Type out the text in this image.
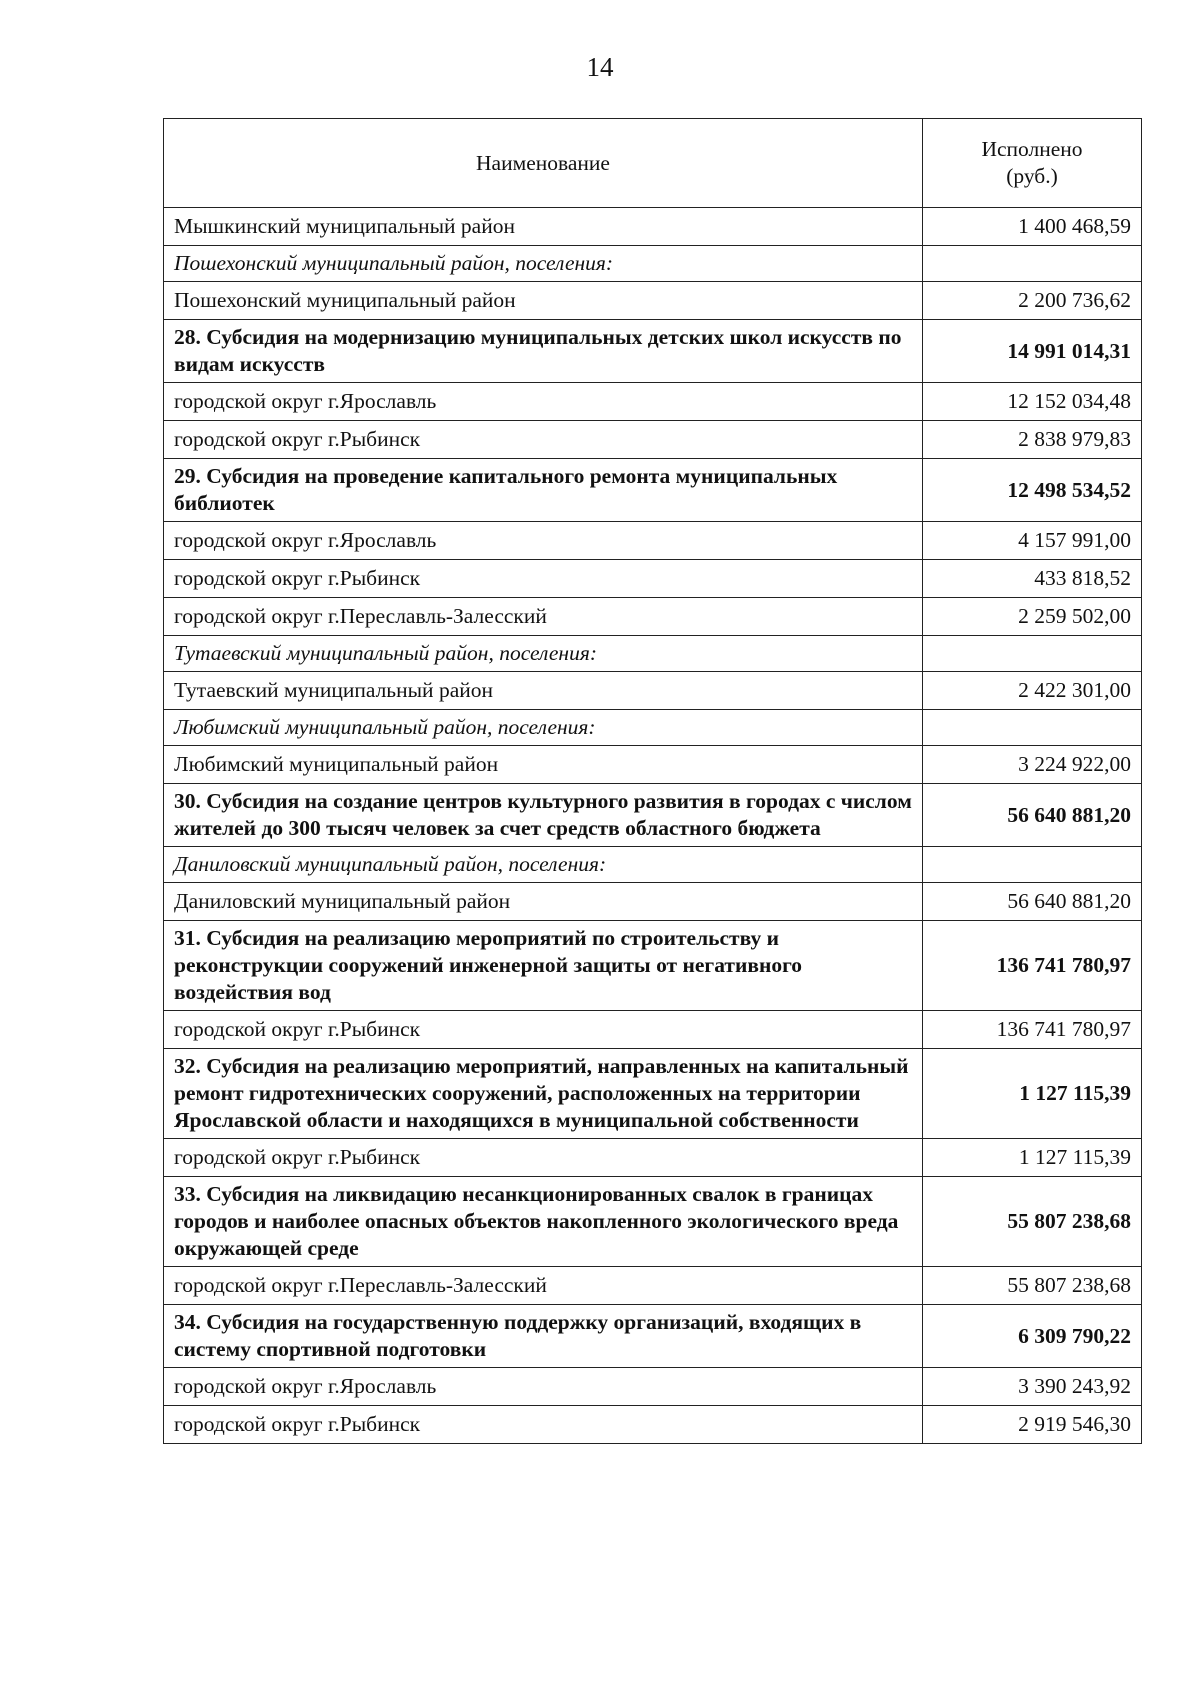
14
Наименование	Исполнено
(руб.)
Мышкинский муниципальный район	1 400 468,59
Пошехонский муниципальный район, поселения:	
Пошехонский муниципальный район	2 200 736,62
28. Субсидия на модернизацию муниципальных детских школ искусств по видам искусств	14 991 014,31
городской округ г.Ярославль	12 152 034,48
городской округ г.Рыбинск	2 838 979,83
29. Субсидия на проведение капитального ремонта муниципальных библиотек	12 498 534,52
городской округ г.Ярославль	4 157 991,00
городской округ г.Рыбинск	433 818,52
городской округ г.Переславль-Залесский	2 259 502,00
Тутаевский муниципальный район, поселения:	
Тутаевский муниципальный район	2 422 301,00
Любимский муниципальный район, поселения:	
Любимский муниципальный район	3 224 922,00
30. Субсидия на создание центров культурного развития в городах с числом жителей до 300 тысяч человек за счет средств областного бюджета	56 640 881,20
Даниловский муниципальный район, поселения:	
Даниловский муниципальный район	56 640 881,20
31. Субсидия на реализацию мероприятий по строительству и реконструкции сооружений инженерной защиты от негативного воздействия вод	136 741 780,97
городской округ г.Рыбинск	136 741 780,97
32. Субсидия на реализацию мероприятий, направленных на капитальный ремонт гидротехнических сооружений, расположенных на территории Ярославской области и находящихся в муниципальной собственности	1 127 115,39
городской округ г.Рыбинск	1 127 115,39
33. Субсидия на ликвидацию несанкционированных свалок в границах городов и наиболее опасных объектов накопленного экологического вреда окружающей среде	55 807 238,68
городской округ г.Переславль-Залесский	55 807 238,68
34. Субсидия на государственную поддержку организаций, входящих в систему спортивной подготовки	6 309 790,22
городской округ г.Ярославль	3 390 243,92
городской округ г.Рыбинск	2 919 546,30
